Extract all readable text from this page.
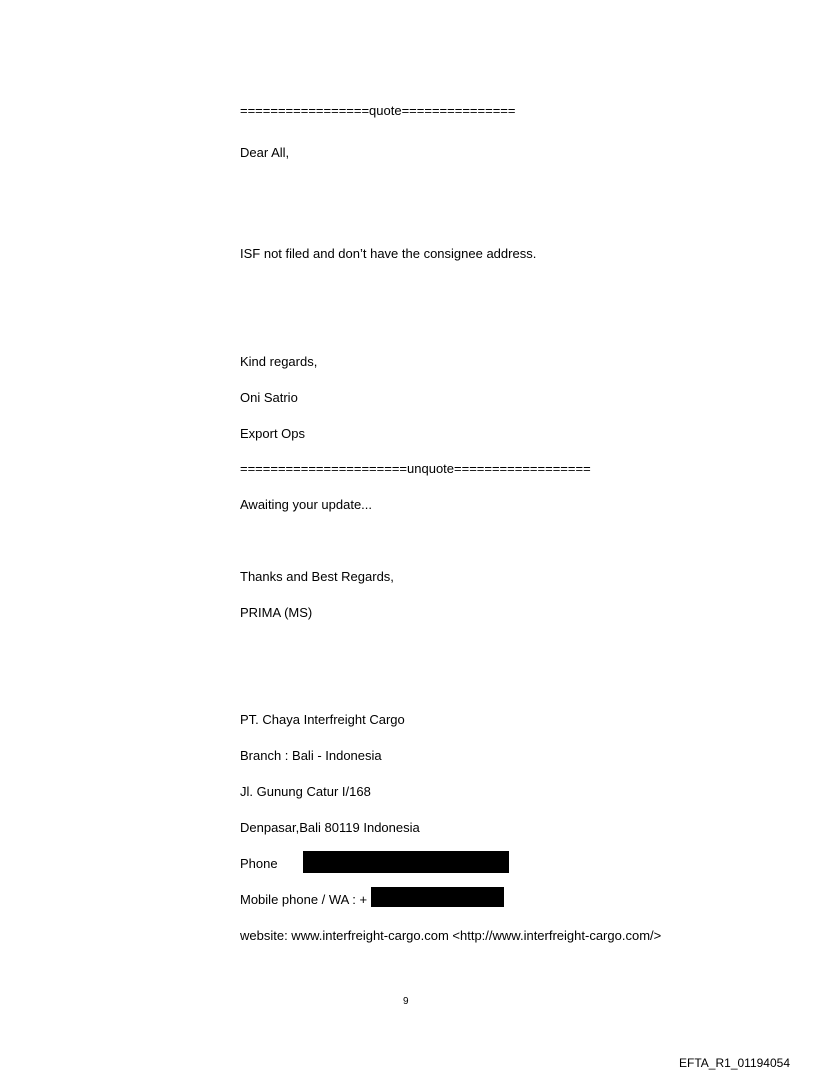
=================quote===============

Dear All,

ISF not filed and don’t have the consignee address.

Kind regards,

Oni Satrio

Export Ops

======================unquote==================

Awaiting your update...

Thanks and Best Regards,

PRIMA (MS)

PT. Chaya Interfreight Cargo

Branch : Bali - Indonesia

Jl. Gunung Catur I/168

Denpasar,Bali 80119 Indonesia

Phone

Mobile phone / WA : +

website: www.interfreight-cargo.com <http://www.interfreight-cargo.com/>

9
EFTA_R1_01194054
